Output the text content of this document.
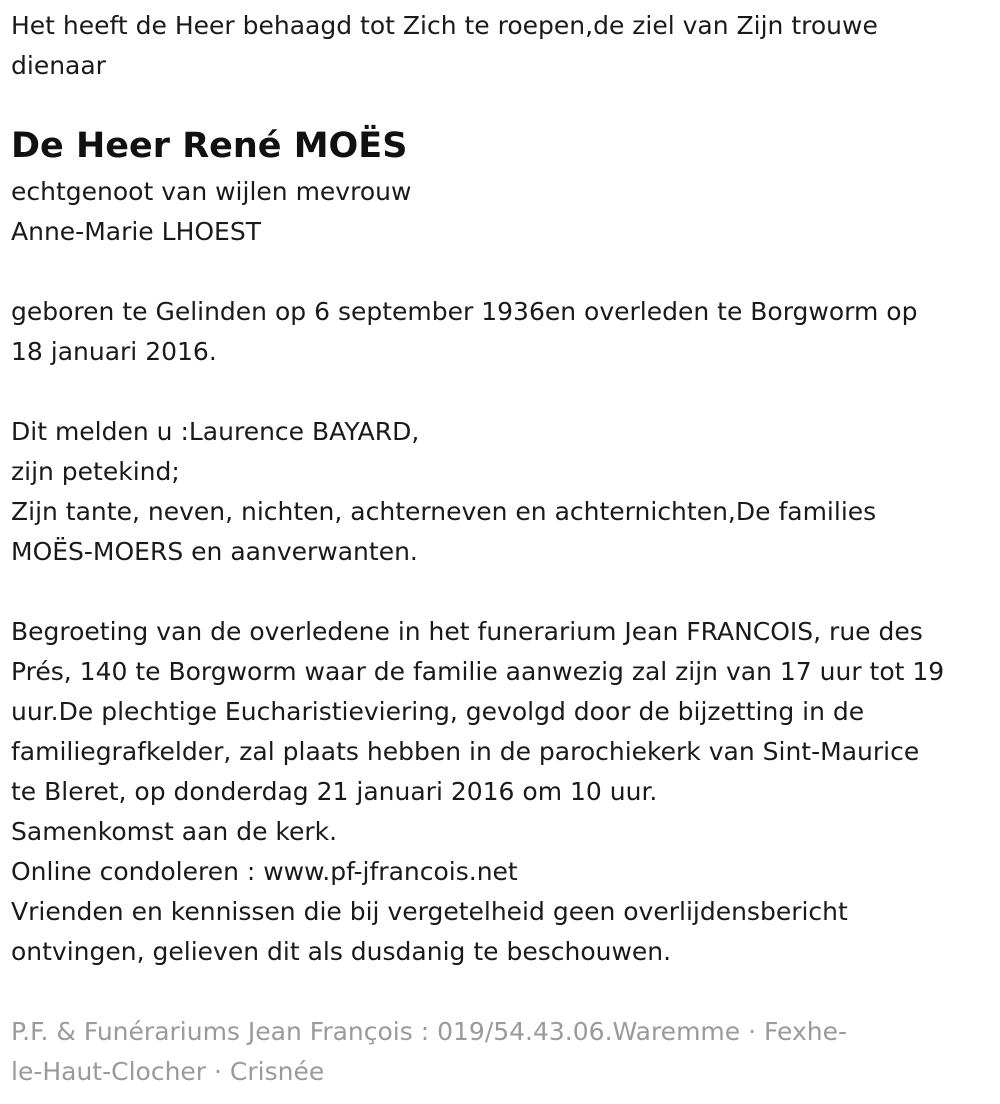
Het heeft de Heer behaagd tot Zich te roepen,de ziel van Zijn trouwe
dienaar

De Heer René MOËS

echtgenoot van wijlen mevrouw
Anne-Marie LHOEST

geboren te Gelinden op 6 september 1936en overleden te Borgworm op
18 januari 2016.

Dit melden u :Laurence BAYARD,
zijn petekind;
Zijn tante, neven, nichten, achterneven en achternichten,De families
MOËS-MOERS en aanverwanten.

Begroeting van de overledene in het funerarium Jean FRANCOIS, rue des
Prés, 140 te Borgworm waar de familie aanwezig zal zijn van 17 uur tot 19
uur.De plechtige Eucharistieviering, gevolgd door de bijzetting in de
familiegrafkelder, zal plaats hebben in de parochiekerk van Sint-Maurice
te Bleret, op donderdag 21 januari 2016 om 10 uur.
Samenkomst aan de kerk.
Online condoleren : www.pf-jfrancois.net
Vrienden en kennissen die bij vergetelheid geen overlijdensbericht
ontvingen, gelieven dit als dusdanig te beschouwen.

P.F. & Funérariums Jean François : 019/54.43.06.Waremme · Fexhe-
le-Haut-Clocher · Crisnée
